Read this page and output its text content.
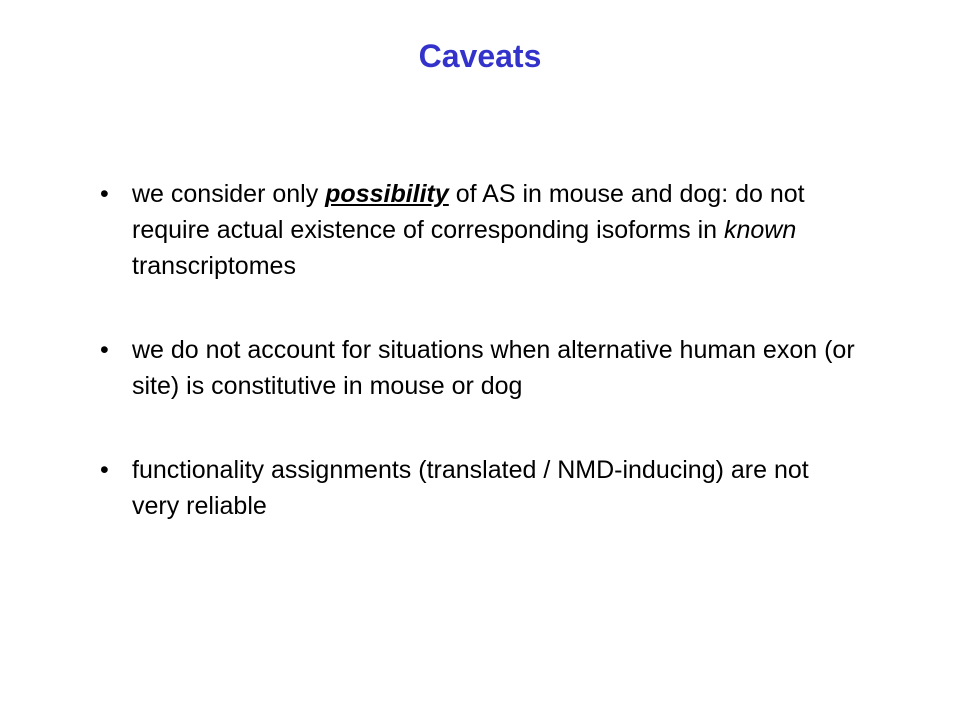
Caveats
• we consider only possibility of AS in mouse and dog: do not require actual existence of corresponding isoforms in known transcriptomes
• we do not account for situations when alternative human exon (or site) is constitutive in mouse or dog
• functionality assignments (translated / NMD-inducing) are not very reliable
